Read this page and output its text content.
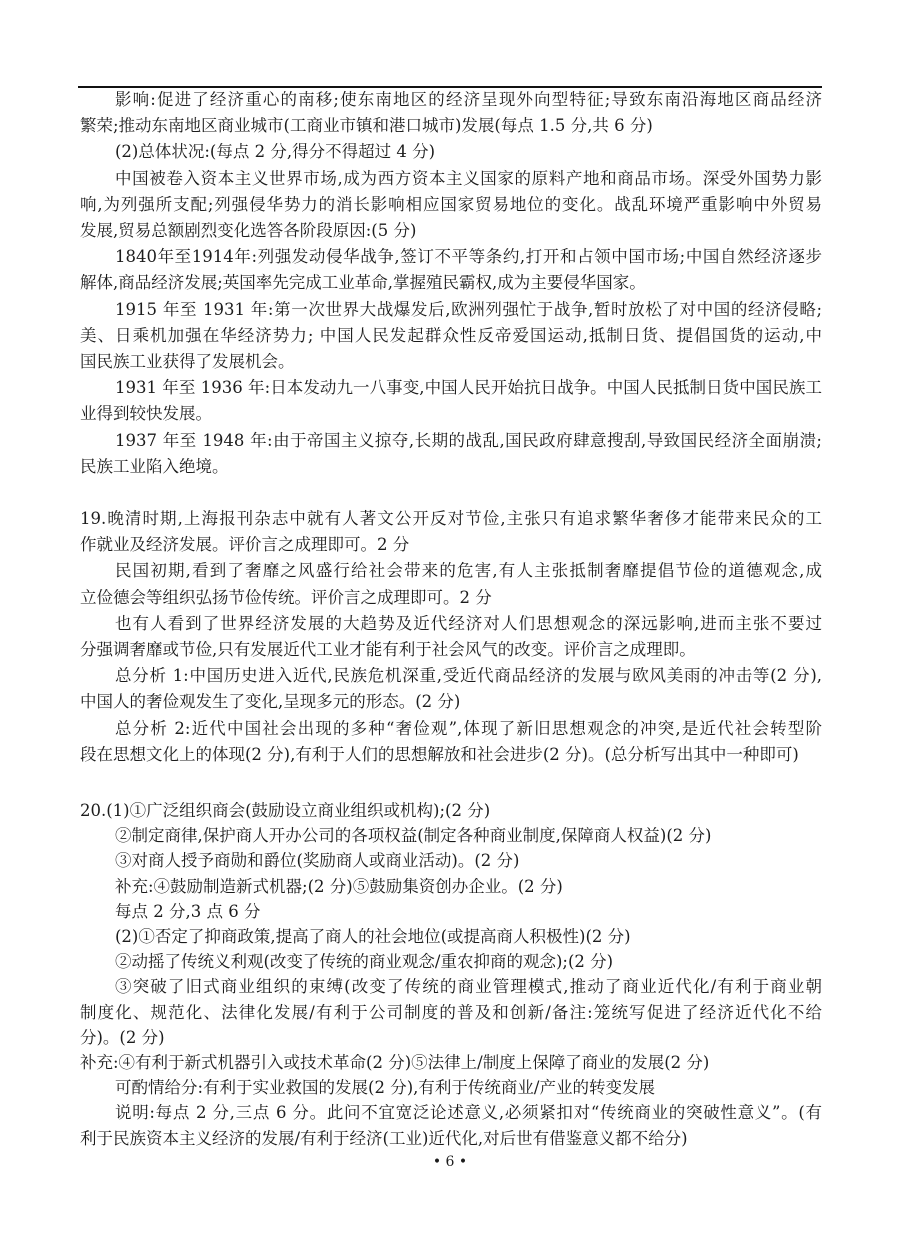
影响:促进了经济重心的南移;使东南地区的经济呈现外向型特征;导致东南沿海地区商品经济
繁荣;推动东南地区商业城市(工商业市镇和港口城市)发展(每点 1.5 分,共 6 分)
(2)总体状况:(每点 2 分,得分不得超过 4 分)
中国被卷入资本主义世界市场,成为西方资本主义国家的原料产地和商品市场。深受外国势力影
响,为列强所支配;列强侵华势力的消长影响相应国家贸易地位的变化。战乱环境严重影响中外贸易
发展,贸易总额剧烈变化选答各阶段原因:(5 分)
1840年至1914年:列强发动侵华战争,签订不平等条约,打开和占领中国市场;中国自然经济逐步
解体,商品经济发展;英国率先完成工业革命,掌握殖民霸权,成为主要侵华国家。
1915 年至 1931 年:第一次世界大战爆发后,欧洲列强忙于战争,暂时放松了对中国的经济侵略;
美、日乘机加强在华经济势力; 中国人民发起群众性反帝爱国运动,抵制日货、提倡国货的运动,中
国民族工业获得了发展机会。
1931 年至 1936 年:日本发动九一八事变,中国人民开始抗日战争。中国人民抵制日货中国民族工
业得到较快发展。
1937 年至 1948 年:由于帝国主义掠夺,长期的战乱,国民政府肆意搜刮,导致国民经济全面崩溃;
民族工业陷入绝境。
19.晚清时期,上海报刊杂志中就有人著文公开反对节俭,主张只有追求繁华奢侈才能带来民众的工
作就业及经济发展。评价言之成理即可。2 分
民国初期,看到了奢靡之风盛行给社会带来的危害,有人主张抵制奢靡提倡节俭的道德观念,成
立俭德会等组织弘扬节俭传统。评价言之成理即可。2 分
也有人看到了世界经济发展的大趋势及近代经济对人们思想观念的深远影响,进而主张不要过
分强调奢靡或节俭,只有发展近代工业才能有利于社会风气的改变。评价言之成理即。
总分析 1:中国历史进入近代,民族危机深重,受近代商品经济的发展与欧风美雨的冲击等(2 分),
中国人的奢俭观发生了变化,呈现多元的形态。(2 分)
总分析 2:近代中国社会出现的多种“奢俭观”,体现了新旧思想观念的冲突,是近代社会转型阶
段在思想文化上的体现(2 分),有利于人们的思想解放和社会进步(2 分)。(总分析写出其中一种即可)
20.(1)①广泛组织商会(鼓励设立商业组织或机构);(2 分)
②制定商律,保护商人开办公司的各项权益(制定各种商业制度,保障商人权益)(2 分)
③对商人授予商勋和爵位(奖励商人或商业活动)。(2 分)
补充:④鼓励制造新式机器;(2 分)⑤鼓励集资创办企业。(2 分)
每点 2 分,3 点 6 分
(2)①否定了抑商政策,提高了商人的社会地位(或提高商人积极性)(2 分)
②动摇了传统义利观(改变了传统的商业观念/重农抑商的观念);(2 分)
③突破了旧式商业组织的束缚(改变了传统的商业管理模式,推动了商业近代化/有利于商业朝
制度化、规范化、法律化发展/有利于公司制度的普及和创新/备注:笼统写促进了经济近代化不给
分)。(2 分)
补充:④有利于新式机器引入或技术革命(2 分)⑤法律上/制度上保障了商业的发展(2 分)
可酌情给分:有利于实业救国的发展(2 分),有利于传统商业/产业的转变发展
说明:每点 2 分,三点 6 分。此问不宜宽泛论述意义,必须紧扣对“传统商业的突破性意义”。(有
利于民族资本主义经济的发展/有利于经济(工业)近代化,对后世有借鉴意义都不给分)
• 6 •
